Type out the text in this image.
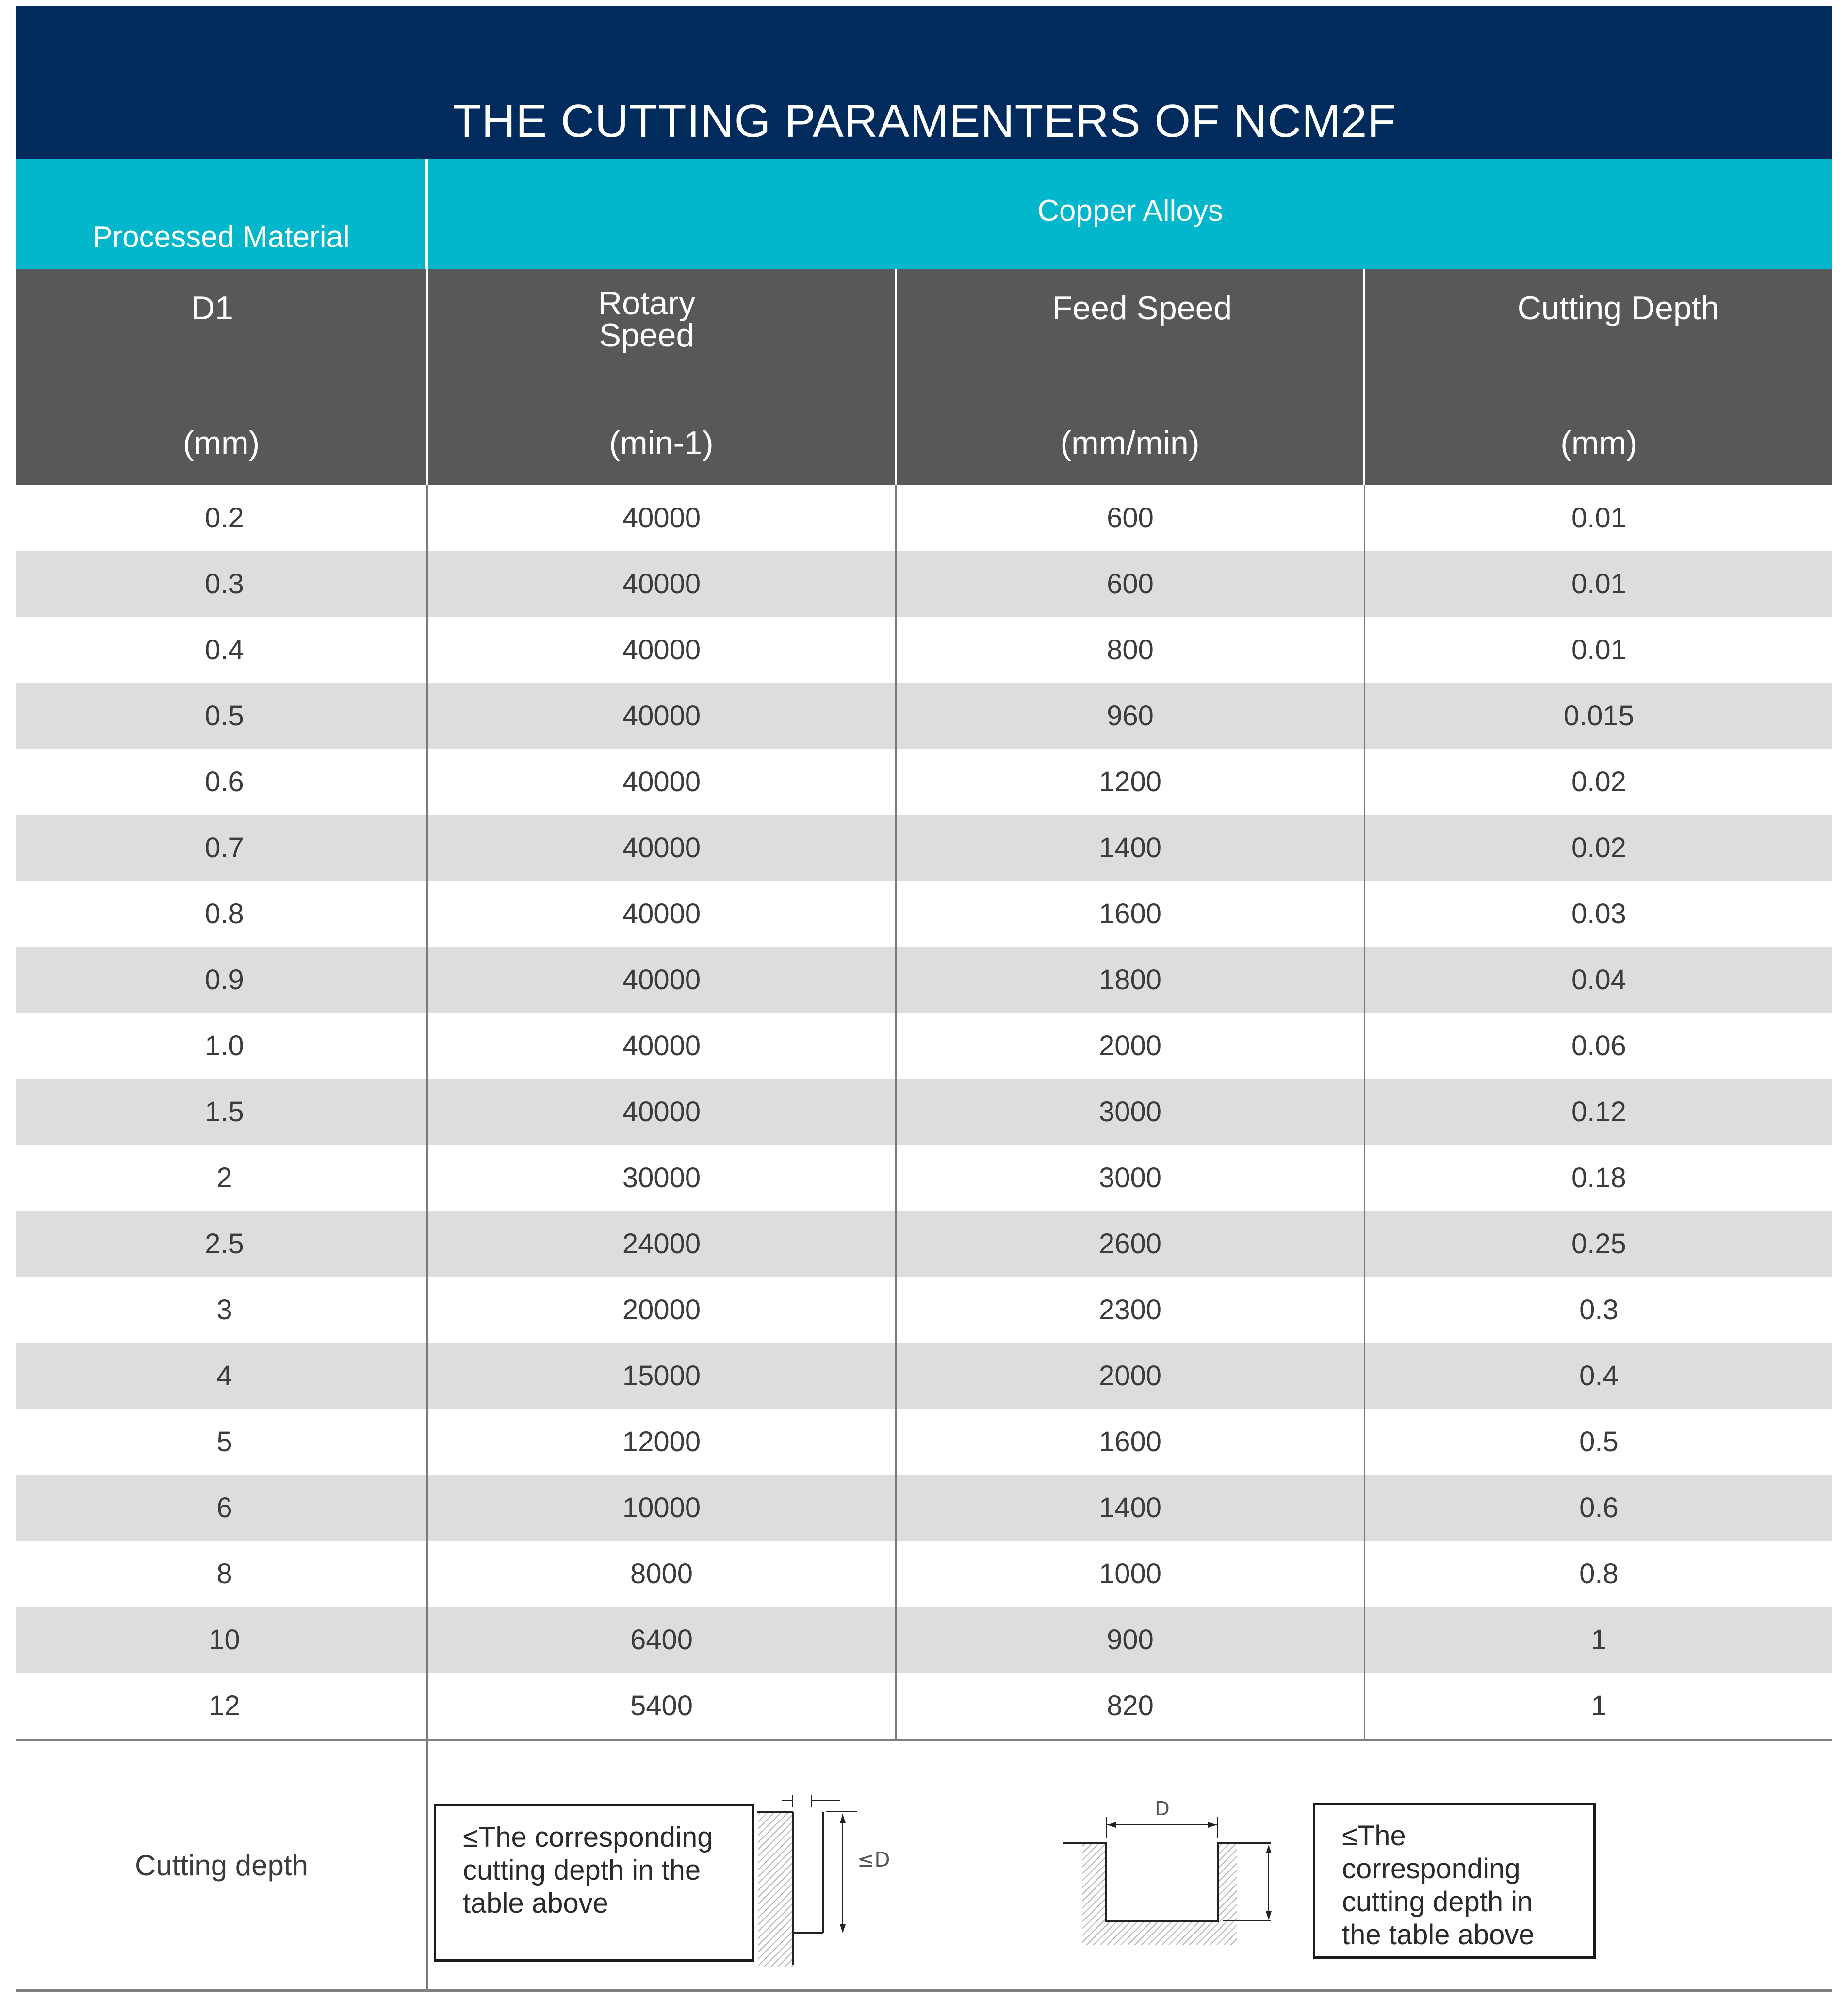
THE CUTTING PARAMENTERS OF NCM2F
Processed Material
Copper Alloys
D1
(mm)
Rotary
Speed
(min-1)
Feed Speed
(mm/min)
Cutting Depth
(mm)
0.2	40000	600	0.01
0.3	40000	600	0.01
0.4	40000	800	0.01
0.5	40000	960	0.015
0.6	40000	1200	0.02
0.7	40000	1400	0.02
0.8	40000	1600	0.03
0.9	40000	1800	0.04
1.0	40000	2000	0.06
1.5	40000	3000	0.12
2	30000	3000	0.18
2.5	24000	2600	0.25
3	20000	2300	0.3
4	15000	2000	0.4
5	12000	1600	0.5
6	10000	1400	0.6
8	8000	1000	0.8
10	6400	900	1
12	5400	820	1
Cutting depth
≤The corresponding cutting depth in the table above
≤D
D
≤The corresponding cutting depth in the table above
